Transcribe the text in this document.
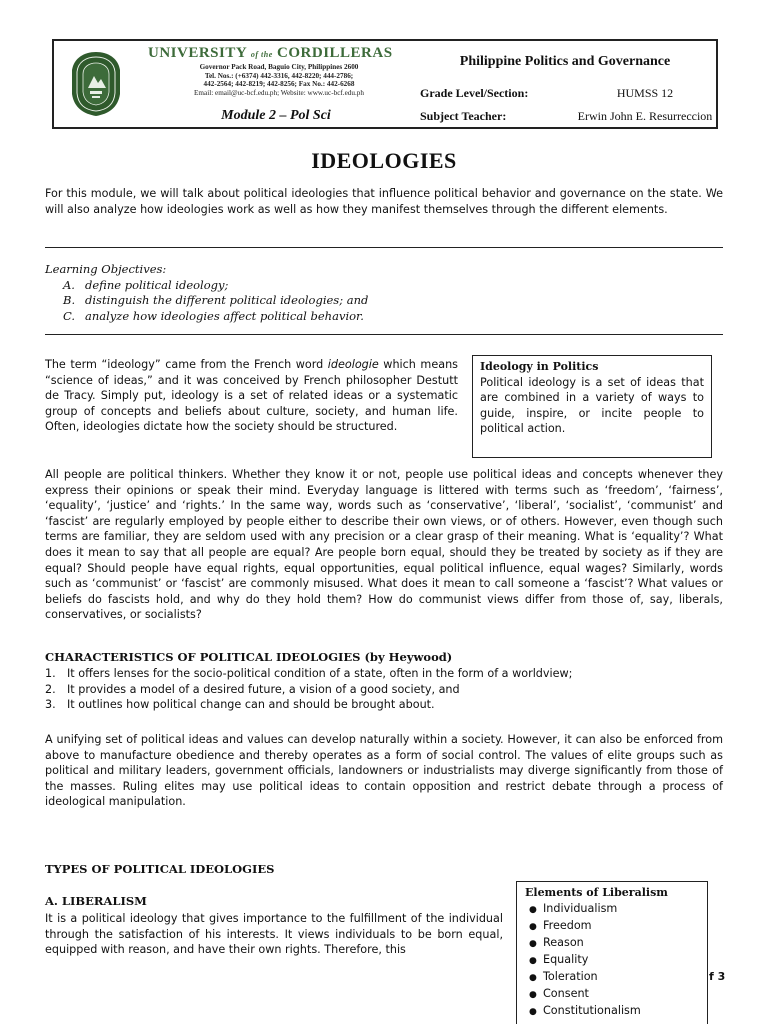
UNIVERSITY of the CORDILLERAS
Governor Pack Road, Baguio City, Philippines 2600
Tel. Nos.: (+6374) 442-3316, 442-8220; 444-2786;
442-2564; 442-8219; 442-8256; Fax No.: 442-6268
Email: email@uc-bcf.edu.ph; Website: www.uc-bcf.edu.ph
Module 2 – Pol Sci
Philippine Politics and Governance
Grade Level/Section:	HUMSS 12
Subject Teacher:	Erwin John E. Resurreccion
IDEOLOGIES
For this module, we will talk about political ideologies that influence political behavior and governance on the state. We will also analyze how ideologies work as well as how they manifest themselves through the different elements.
Learning Objectives:
A. define political ideology;
B. distinguish the different political ideologies; and
C. analyze how ideologies affect political behavior.
The term “ideology” came from the French word ideologie which means “science of ideas,” and it was conceived by French philosopher Destutt de Tracy. Simply put, ideology is a set of related ideas or a systematic group of concepts and beliefs about culture, society, and human life. Often, ideologies dictate how the society should be structured.
Ideology in Politics
Political ideology is a set of ideas that are combined in a variety of ways to guide, inspire, or incite people to political action.
All people are political thinkers. Whether they know it or not, people use political ideas and concepts whenever they express their opinions or speak their mind. Everyday language is littered with terms such as ‘freedom’, ‘fairness’, ‘equality’, ‘justice’ and ‘rights.’ In the same way, words such as ‘conservative’, ‘liberal’, ‘socialist’, ‘communist’ and ‘fascist’ are regularly employed by people either to describe their own views, or of others. However, even though such terms are familiar, they are seldom used with any precision or a clear grasp of their meaning. What is ‘equality’? What does it mean to say that all people are equal? Are people born equal, should they be treated by society as if they are equal? Should people have equal rights, equal opportunities, equal political influence, equal wages? Similarly, words such as ‘communist’ or ‘fascist’ are commonly misused. What does it mean to call someone a ‘fascist’? What values or beliefs do fascists hold, and why do they hold them? How do communist views differ from those of, say, liberals, conservatives, or socialists?
CHARACTERISTICS OF POLITICAL IDEOLOGIES (by Heywood)
1. It offers lenses for the socio-political condition of a state, often in the form of a worldview;
2. It provides a model of a desired future, a vision of a good society, and
3. It outlines how political change can and should be brought about.
A unifying set of political ideas and values can develop naturally within a society. However, it can also be enforced from above to manufacture obedience and thereby operates as a form of social control. The values of elite groups such as political and military leaders, government officials, landowners or industrialists may diverge significantly from those of the masses. Ruling elites may use political ideas to contain opposition and restrict debate through a process of ideological manipulation.
TYPES OF POLITICAL IDEOLOGIES
A. LIBERALISM
It is a political ideology that gives importance to the fulfillment of the individual through the satisfaction of his interests. It views individuals to be born equal, equipped with reason, and have their own rights. Therefore, this
Elements of Liberalism
● Individualism
● Freedom
● Reason
● Equality
● Toleration
● Consent
● Constitutionalism
f 3
